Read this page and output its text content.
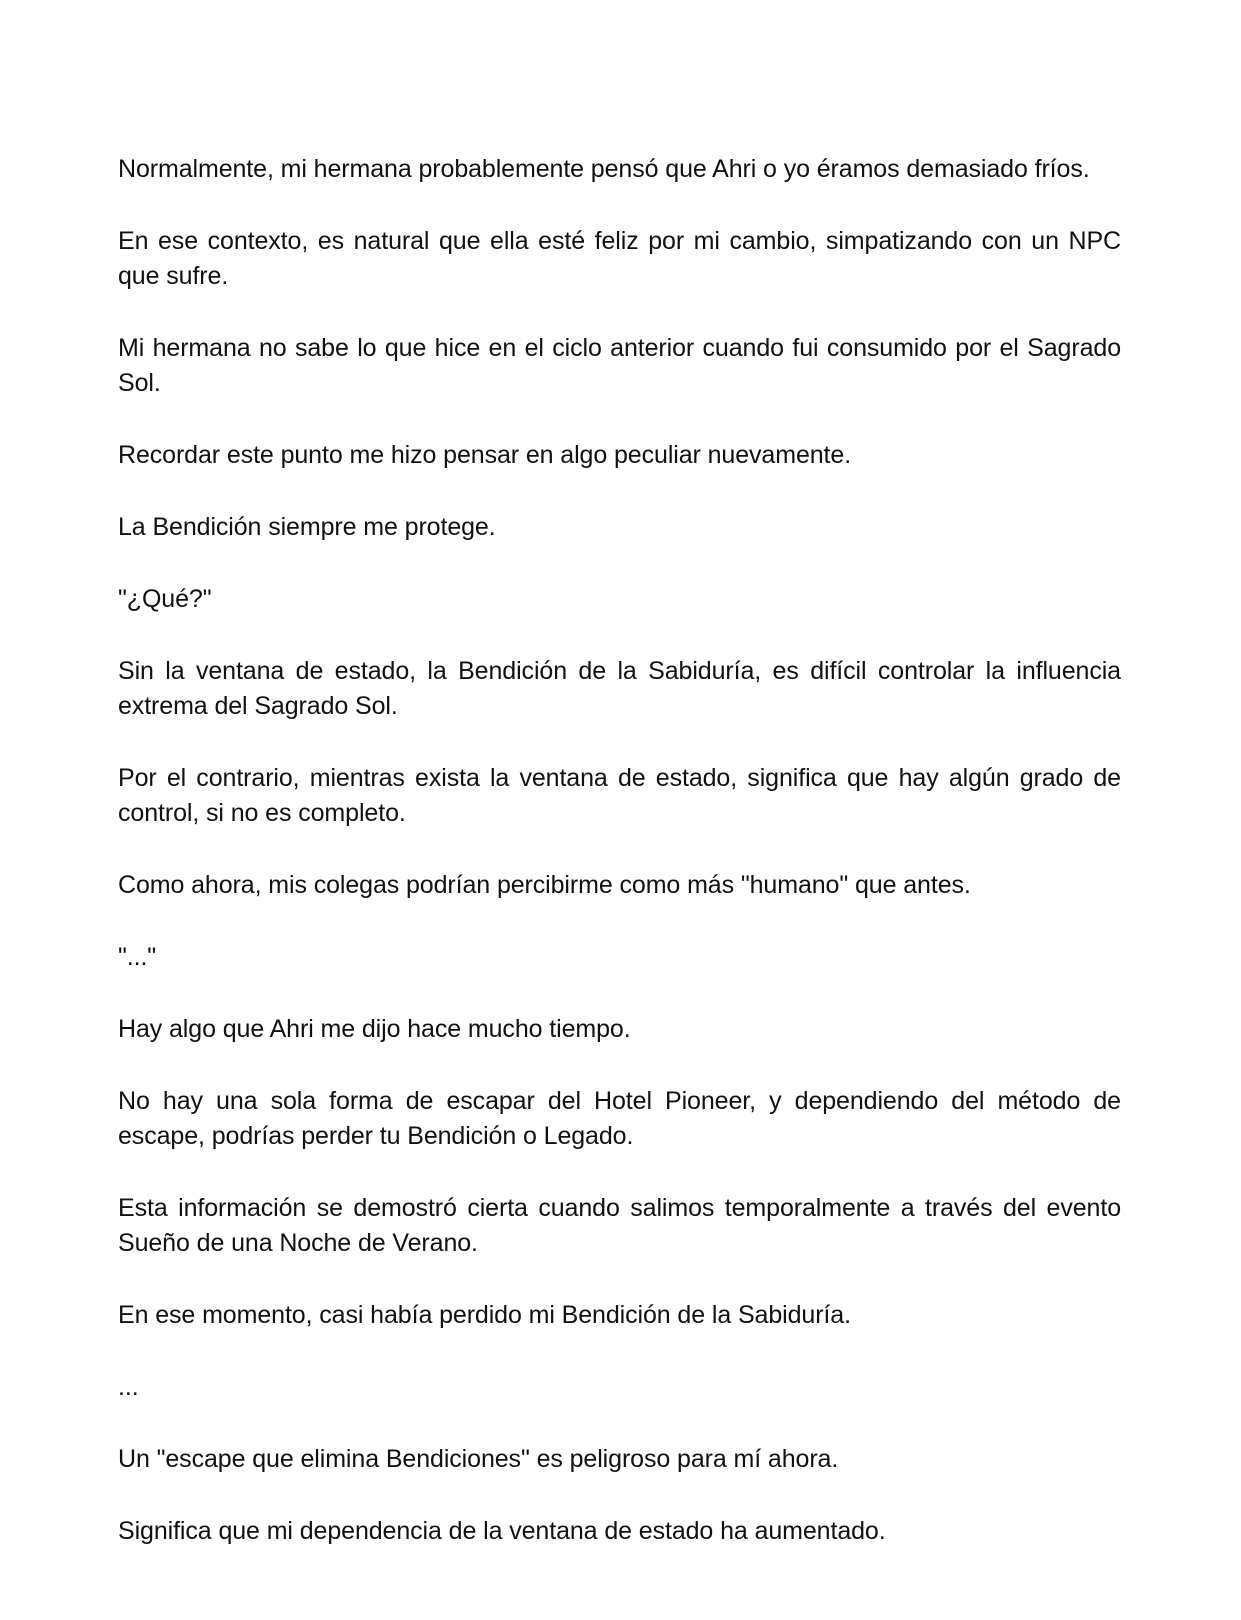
Normalmente, mi hermana probablemente pensó que Ahri o yo éramos demasiado fríos.

En ese contexto, es natural que ella esté feliz por mi cambio, simpatizando con un NPC que sufre.

Mi hermana no sabe lo que hice en el ciclo anterior cuando fui consumido por el Sagrado Sol.

Recordar este punto me hizo pensar en algo peculiar nuevamente.

La Bendición siempre me protege.

"¿Qué?"

Sin la ventana de estado, la Bendición de la Sabiduría, es difícil controlar la influencia extrema del Sagrado Sol.

Por el contrario, mientras exista la ventana de estado, significa que hay algún grado de control, si no es completo.

Como ahora, mis colegas podrían percibirme como más "humano" que antes.

"..."

Hay algo que Ahri me dijo hace mucho tiempo.

No hay una sola forma de escapar del Hotel Pioneer, y dependiendo del método de escape, podrías perder tu Bendición o Legado.

Esta información se demostró cierta cuando salimos temporalmente a través del evento Sueño de una Noche de Verano.

En ese momento, casi había perdido mi Bendición de la Sabiduría.

...

Un "escape que elimina Bendiciones" es peligroso para mí ahora.

Significa que mi dependencia de la ventana de estado ha aumentado.
